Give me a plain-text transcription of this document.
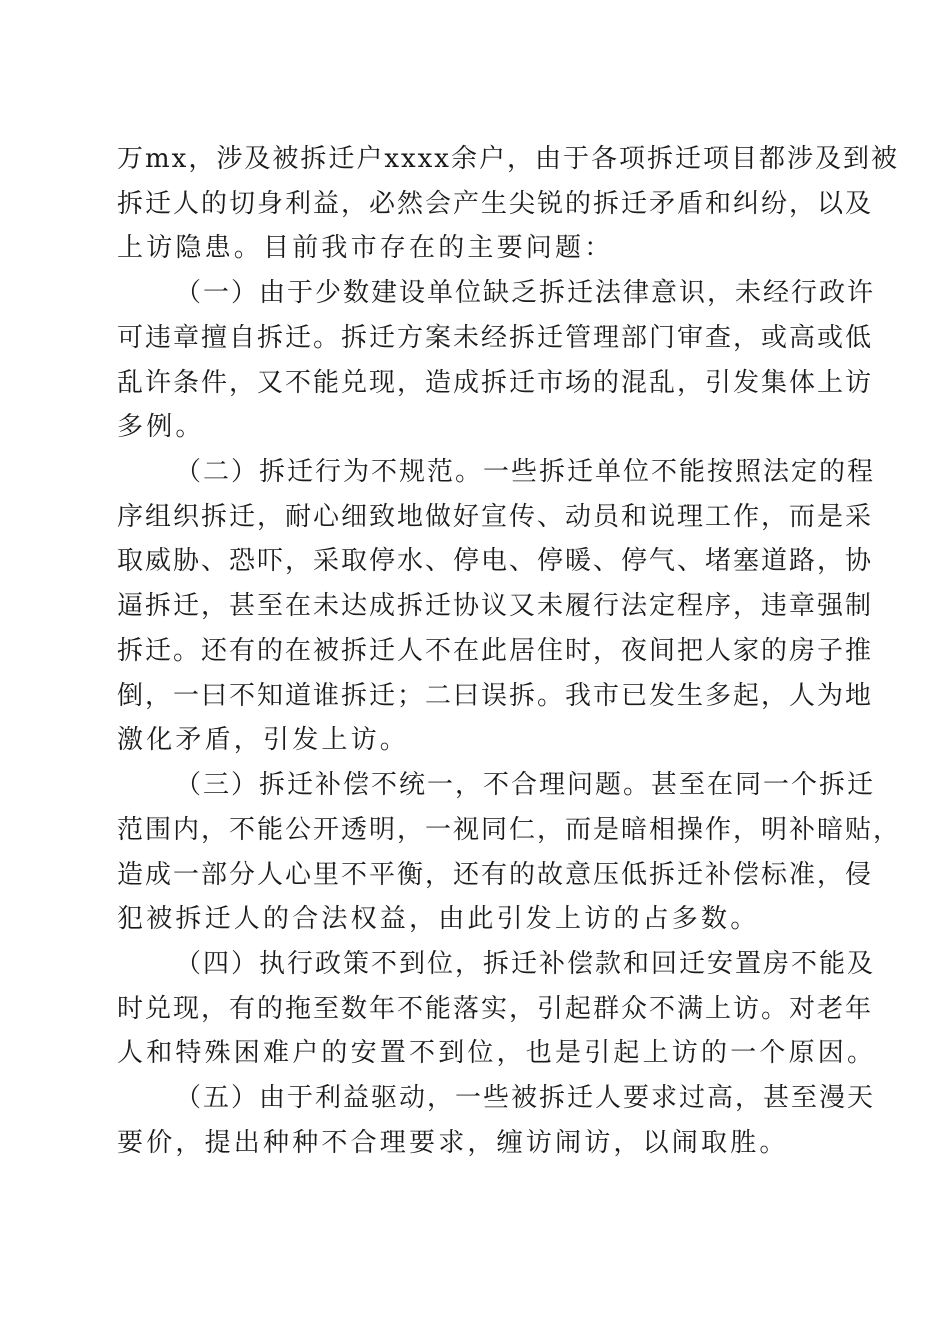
万mx，涉及被拆迁户xxxx余户，由于各项拆迁项目都涉及到被
拆迁人的切身利益，必然会产生尖锐的拆迁矛盾和纠纷，以及
上访隐患。目前我市存在的主要问题：
（一）由于少数建设单位缺乏拆迁法律意识，未经行政许
可违章擅自拆迁。拆迁方案未经拆迁管理部门审查，或高或低
乱许条件，又不能兑现，造成拆迁市场的混乱，引发集体上访
多例。
（二）拆迁行为不规范。一些拆迁单位不能按照法定的程
序组织拆迁，耐心细致地做好宣传、动员和说理工作，而是采
取威胁、恐吓，采取停水、停电、停暖、停气、堵塞道路，协
逼拆迁，甚至在未达成拆迁协议又未履行法定程序，违章强制
拆迁。还有的在被拆迁人不在此居住时，夜间把人家的房子推
倒，一曰不知道谁拆迁；二曰误拆。我市已发生多起，人为地
激化矛盾，引发上访。
（三）拆迁补偿不统一，不合理问题。甚至在同一个拆迁
范围内，不能公开透明，一视同仁，而是暗相操作，明补暗贴，
造成一部分人心里不平衡，还有的故意压低拆迁补偿标准，侵
犯被拆迁人的合法权益，由此引发上访的占多数。
（四）执行政策不到位，拆迁补偿款和回迁安置房不能及
时兑现，有的拖至数年不能落实，引起群众不满上访。对老年
人和特殊困难户的安置不到位，也是引起上访的一个原因。
（五）由于利益驱动，一些被拆迁人要求过高，甚至漫天
要价，提出种种不合理要求，缠访闹访，以闹取胜。
